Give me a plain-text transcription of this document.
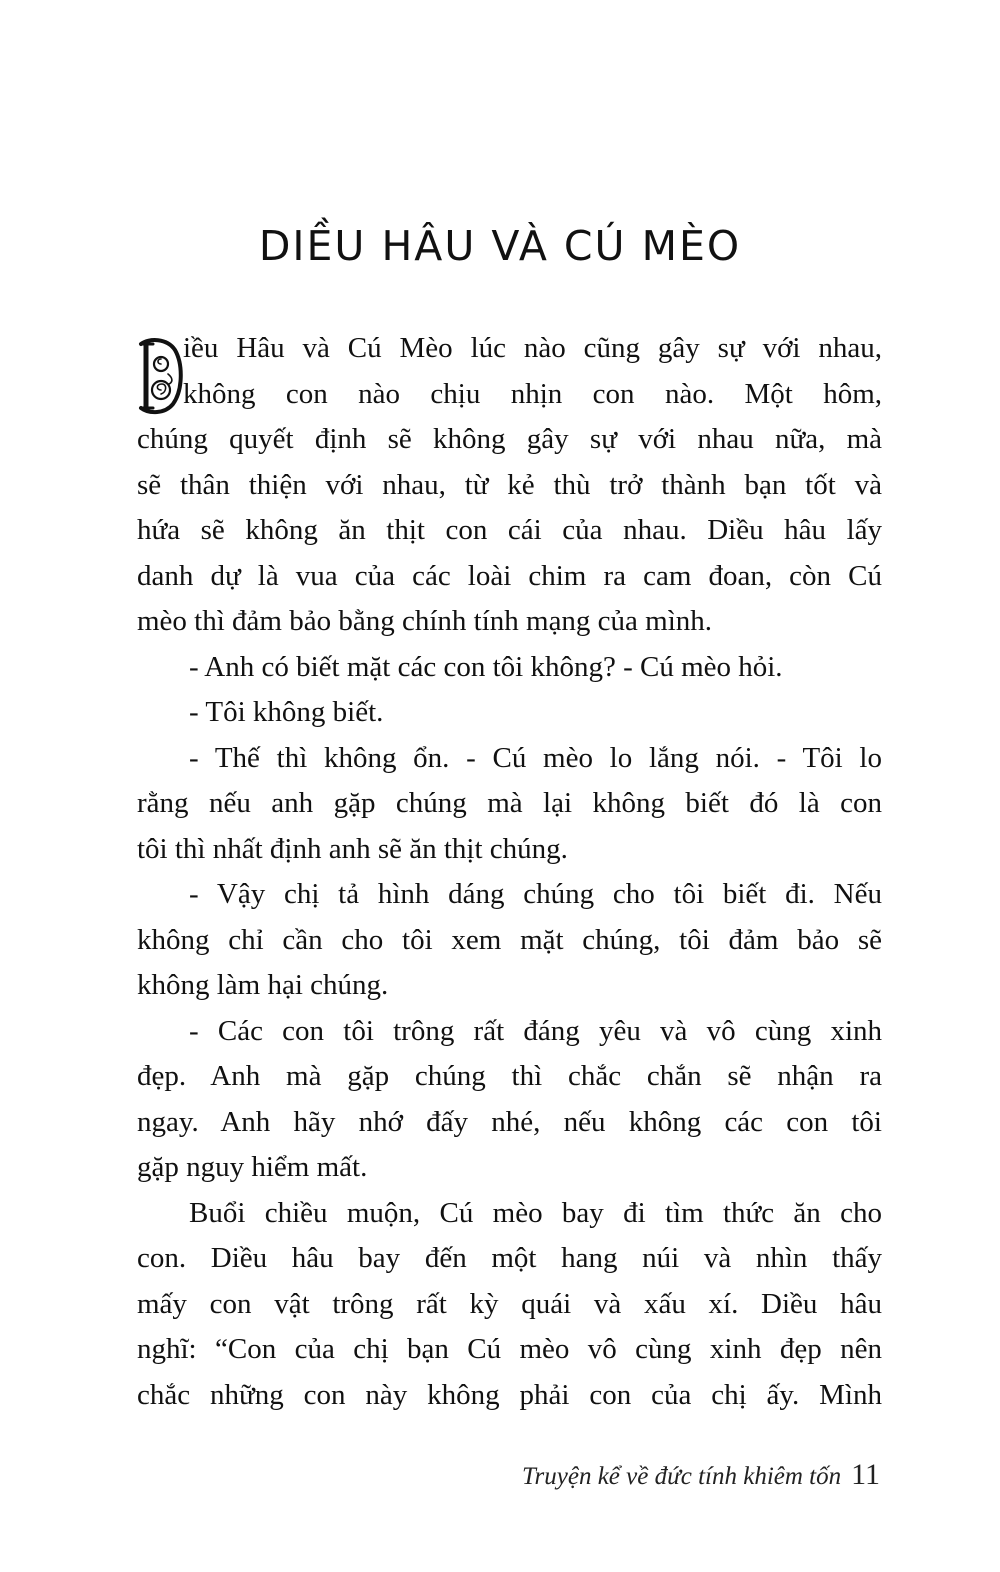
DIỀU HÂU VÀ CÚ MÈO
iều Hâu và Cú Mèo lúc nào cũng gây sự với nhau,
không con nào chịu nhịn con nào. Một hôm,
chúng quyết định sẽ không gây sự với nhau nữa, mà
sẽ thân thiện với nhau, từ kẻ thù trở thành bạn tốt và
hứa sẽ không ăn thịt con cái của nhau. Diều hâu lấy
danh dự là vua của các loài chim ra cam đoan, còn Cú
mèo thì đảm bảo bằng chính tính mạng của mình.
- Anh có biết mặt các con tôi không? - Cú mèo hỏi.
- Tôi không biết.
- Thế thì không ổn. - Cú mèo lo lắng nói. - Tôi lo
rằng nếu anh gặp chúng mà lại không biết đó là con
tôi thì nhất định anh sẽ ăn thịt chúng.
- Vậy chị tả hình dáng chúng cho tôi biết đi. Nếu
không chỉ cần cho tôi xem mặt chúng, tôi đảm bảo sẽ
không làm hại chúng.
- Các con tôi trông rất đáng yêu và vô cùng xinh
đẹp. Anh mà gặp chúng thì chắc chắn sẽ nhận ra
ngay. Anh hãy nhớ đấy nhé, nếu không các con tôi
gặp nguy hiểm mất.
Buổi chiều muộn, Cú mèo bay đi tìm thức ăn cho
con. Diều hâu bay đến một hang núi và nhìn thấy
mấy con vật trông rất kỳ quái và xấu xí. Diều hâu
nghĩ: “Con của chị bạn Cú mèo vô cùng xinh đẹp nên
chắc những con này không phải con của chị ấy. Mình
Truyện kể về đức tính khiêm tốn 11
